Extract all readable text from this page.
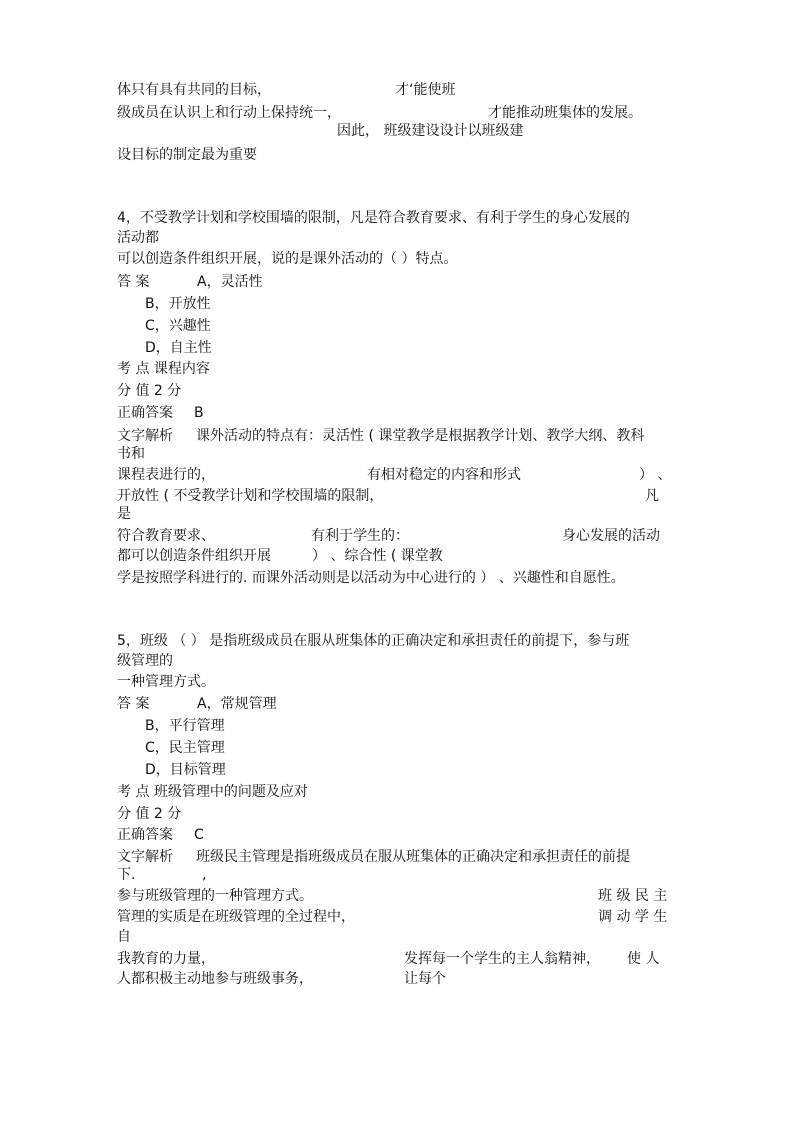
体只有具有共同的目标，	才‘能使班
级成员在认识上和行动上保持统一，	才能推动班集体的发展。
因此， 班级建设设计以班级建
设目标的制定最为重要
4，不受教学计划和学校围墙的限制，凡是符合教育要求、有利于学生的身心发展的
活动都
可以创造条件组织开展，说的是课外活动的（ ）特点。
答 案	A，灵活性
B，开放性
C，兴趣性
D，自主性
考 点 课程内容
分 值 2 分
正确答案 B
文字解析 课外活动的特点有：灵活性 ( 课堂教学是根据教学计划、教学大纲、教科
书和
课程表进行的，	有相对稳定的内容和形式	） 、
开放性 ( 不受教学计划和学校围墙的限制，	凡
是
符合教育要求、	有利于学生的：	身心发展的活动
都可以创造条件组织开展	） 、综合性 ( 课堂教
学是按照学科进行的. 而课外活动则是以活动为中心进行的 ） 、兴趣性和自愿性。
5，班级 （ ） 是指班级成员在服从班集体的正确决定和承担责任的前提下，参与班
级管理的
一种管理方式。
答 案	A，常规管理
B，平行管理
C，民主管理
D，目标管理
考 点 班级管理中的问题及应对
分 值 2 分
正确答案 C
文字解析 班级民主管理是指班级成员在服从班集体的正确决定和承担责任的前提
下.	,
参与班级管理的一种管理方式。	班 级 民 主
管理的实质是在班级管理的全过程中，	调 动 学 生
自
我教育的力量，	发挥每一个学生的主人翁精神， 使 人
人都积极主动地参与班级事务，	让每个
